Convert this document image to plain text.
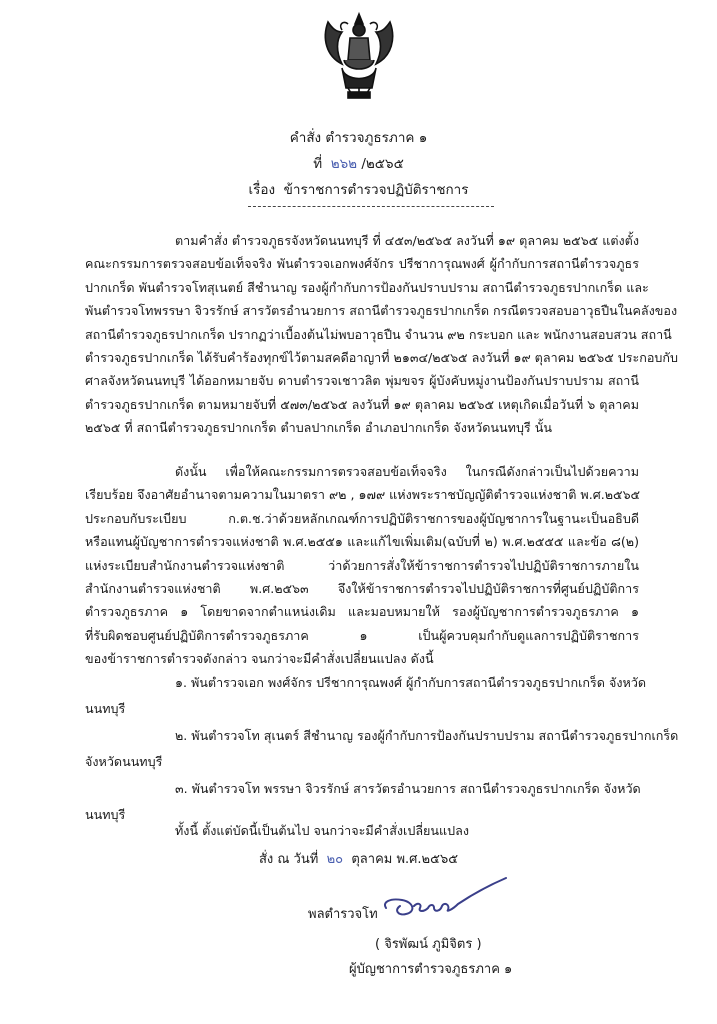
คำสั่ง ตำรวจภูธรภาค ๑
ที่ ๒๖๒ /๒๕๖๕
เรื่อง ข้าราชการตำรวจปฏิบัติราชการ
ตามคำสั่ง ตำรวจภูธรจังหวัดนนทบุรี ที่ ๔๕๓/๒๕๖๕ ลงวันที่ ๑๙ ตุลาคม ๒๕๖๕ แต่งตั้ง
คณะกรรมการตรวจสอบข้อเท็จจริง พันตำรวจเอกพงศ์จักร ปรีชาการุณพงศ์ ผู้กำกับการสถานีตำรวจภูธร
ปากเกร็ด พันตำรวจโทสุเนตย์ สีชำนาญ รองผู้กำกับการป้องกันปราบปราม สถานีตำรวจภูธรปากเกร็ด และ
พันตำรวจโทพรรษา จิวรรักษ์ สารวัตรอำนวยการ สถานีตำรวจภูธรปากเกร็ด กรณีตรวจสอบอาวุธปืนในคลังของ
สถานีตำรวจภูธรปากเกร็ด ปรากฏว่าเบื้องต้นไม่พบอาวุธปืน จำนวน ๙๒ กระบอก และ พนักงานสอบสวน สถานี
ตำรวจภูธรปากเกร็ด ได้รับคำร้องทุกข์ไว้ตามสคดีอาญาที่ ๒๑๓๔/๒๕๖๕ ลงวันที่ ๑๙ ตุลาคม ๒๕๖๕ ประกอบกับ
ศาลจังหวัดนนทบุรี ได้ออกหมายจับ ดาบตำรวจเชาวลิต พุ่มขจร ผู้บังคับหมู่งานป้องกันปราบปราม สถานี
ตำรวจภูธรปากเกร็ด ตามหมายจับที่ ๕๗๓/๒๕๖๕ ลงวันที่ ๑๙ ตุลาคม ๒๕๖๕ เหตุเกิดเมื่อวันที่ ๖ ตุลาคม
๒๕๖๕ ที่ สถานีตำรวจภูธรปากเกร็ด ตำบลปากเกร็ด อำเภอปากเกร็ด จังหวัดนนทบุรี นั้น
ดังนั้น เพื่อให้คณะกรรมการตรวจสอบข้อเท็จจริง ในกรณีดังกล่าวเป็นไปด้วยความ
เรียบร้อย จึงอาศัยอำนาจตามความในมาตรา ๙๒ , ๑๗๙ แห่งพระราชบัญญัติตำรวจแห่งชาติ พ.ศ.๒๕๖๕
ประกอบกับระเบียบ ก.ต.ช.ว่าด้วยหลักเกณฑ์การปฏิบัติราชการของผู้บัญชาการในฐานะเป็นอธิบดี
หรือแทนผู้บัญชาการตำรวจแห่งชาติ พ.ศ.๒๕๕๑ และแก้ไขเพิ่มเติม(ฉบับที่ ๒) พ.ศ.๒๕๕๕ และข้อ ๘(๒)
แห่งระเบียบสำนักงานตำรวจแห่งชาติ ว่าด้วยการสั่งให้ข้าราชการตำรวจไปปฏิบัติราชการภายใน
สำนักงานตำรวจแห่งชาติ พ.ศ.๒๕๖๓ จึงให้ข้าราชการตำรวจไปปฏิบัติราชการที่ศูนย์ปฏิบัติการ
ตำรวจภูธรภาค ๑ โดยขาดจากตำแหน่งเดิม และมอบหมายให้ รองผู้บัญชาการตำรวจภูธรภาค ๑
ที่รับผิดชอบศูนย์ปฏิบัติการตำรวจภูธรภาค ๑ เป็นผู้ควบคุมกำกับดูแลการปฏิบัติราชการ
ของข้าราชการตำรวจดังกล่าว จนกว่าจะมีคำสั่งเปลี่ยนแปลง ดังนี้
๑. พันตำรวจเอก พงศ์จักร ปรีชาการุณพงศ์ ผู้กำกับการสถานีตำรวจภูธรปากเกร็ด จังหวัด
นนทบุรี
๒. พันตำรวจโท สุเนตร์ สีชำนาญ รองผู้กำกับการป้องกันปราบปราม สถานีตำรวจภูธรปากเกร็ด
จังหวัดนนทบุรี
๓. พันตำรวจโท พรรษา จิวรรักษ์ สารวัตรอำนวยการ สถานีตำรวจภูธรปากเกร็ด จังหวัด
นนทบุรี
ทั้งนี้ ตั้งแต่บัดนี้เป็นต้นไป จนกว่าจะมีคำสั่งเปลี่ยนแปลง
สั่ง ณ วันที่ ๒๐ ตุลาคม พ.ศ.๒๕๖๕
พลตำรวจโท
( จิรพัฒน์ ภูมิจิตร )
ผู้บัญชาการตำรวจภูธรภาค ๑
